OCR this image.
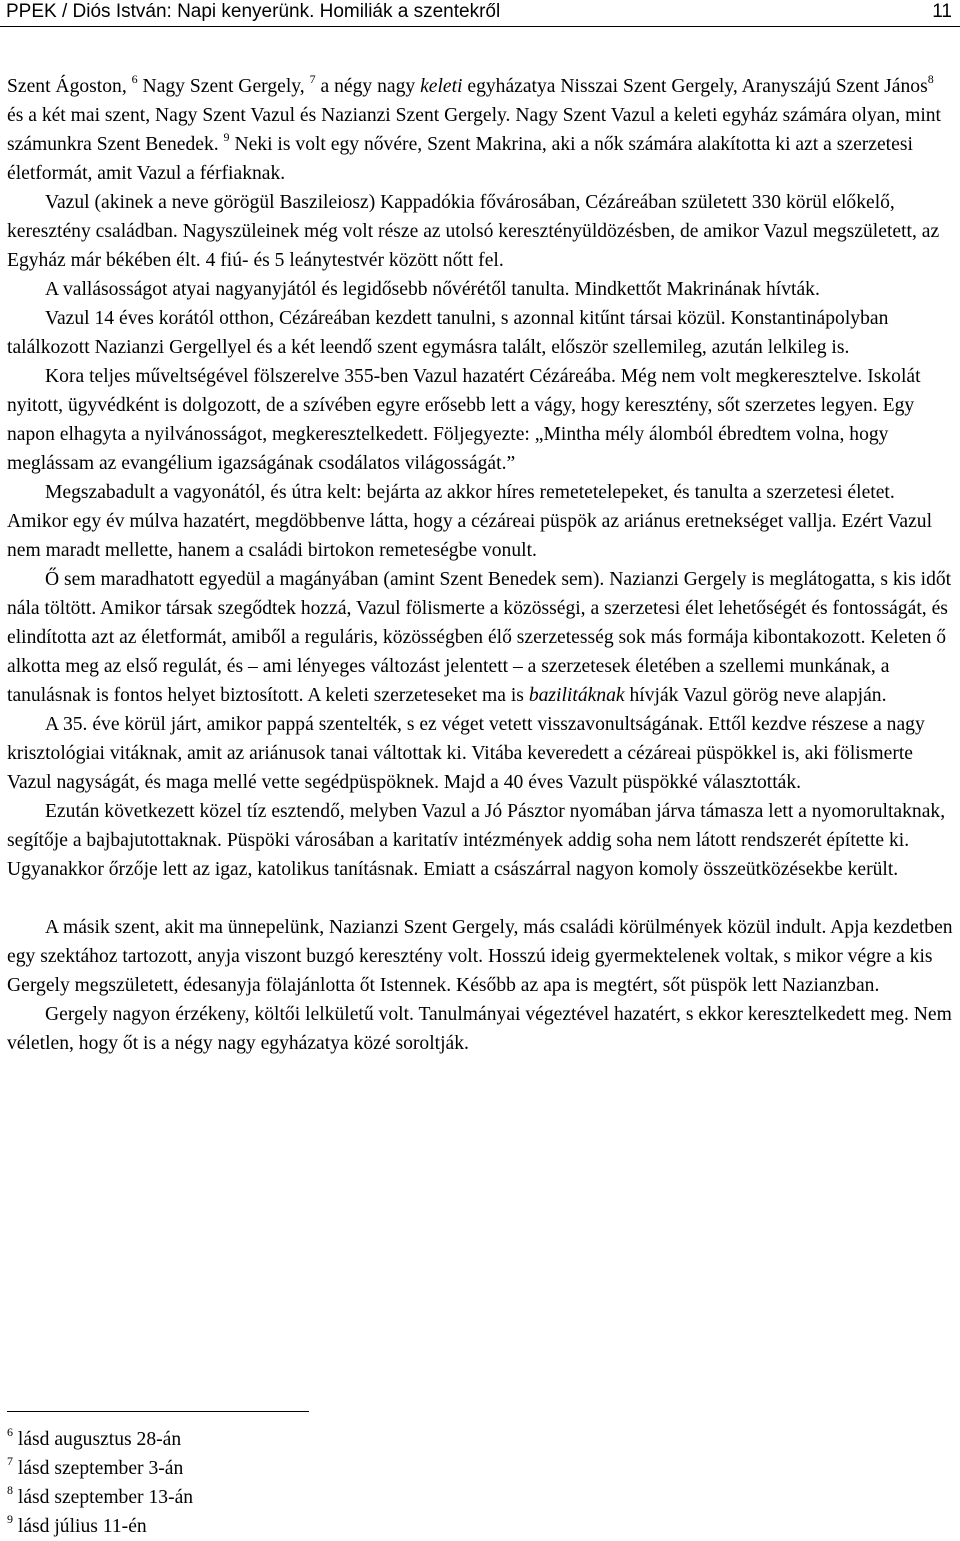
PPEK / Diós István: Napi kenyerünk. Homiliák a szentekről	11

Szent Ágoston, $^6$ Nagy Szent Gergely, $^7$ a négy nagy keleti egyházatya Nisszai Szent Gergely, Aranyszájú Szent János$^8$ és a két mai szent, Nagy Szent Vazul és Nazianzi Szent Gergely. Nagy Szent Vazul a keleti egyház számára olyan, mint számunkra Szent Benedek. $^9$ Neki is volt egy nővére, Szent Makrina, aki a nők számára alakította ki azt a szerzetesi életformát, amit Vazul a férfiaknak.

Vazul (akinek a neve görögül Baszileiosz) Kappadókia fővárosában, Cézáreában született 330 körül előkelő, keresztény családban. Nagyszüleinek még volt része az utolsó keresztényüldözésben, de amikor Vazul megszületett, az Egyház már békében élt. 4 fiú- és 5 leánytestvér között nőtt fel.

A vallásosságot atyai nagyanyjától és legidősebb nővérétől tanulta. Mindkettőt Makrinának hívták.

Vazul 14 éves korától otthon, Cézáreában kezdett tanulni, s azonnal kitűnt társai közül. Konstantinápolyban találkozott Nazianzi Gergellyel és a két leendő szent egymásra talált, először szellemileg, azután lelkileg is.

Kora teljes műveltségével fölszerelve 355-ben Vazul hazatért Cézáreába. Még nem volt megkeresztelve. Iskolát nyitott, ügyvédként is dolgozott, de a szívében egyre erősebb lett a vágy, hogy keresztény, sőt szerzetes legyen. Egy napon elhagyta a nyilvánosságot, megkeresztelkedett. Följegyezte: „Mintha mély álomból ébredtem volna, hogy meglássam az evangélium igazságának csodálatos világosságát.”

Megszabadult a vagyonától, és útra kelt: bejárta az akkor híres remetetelepeket, és tanulta a szerzetesi életet. Amikor egy év múlva hazatért, megdöbbenve látta, hogy a cézáreai püspök az ariánus eretnekséget vallja. Ezért Vazul nem maradt mellette, hanem a családi birtokon remeteségbe vonult.

Ő sem maradhatott egyedül a magányában (amint Szent Benedek sem). Nazianzi Gergely is meglátogatta, s kis időt nála töltött. Amikor társak szegődtek hozzá, Vazul fölismerte a közösségi, a szerzetesi élet lehetőségét és fontosságát, és elindította azt az életformát, amiből a reguláris, közösségben élő szerzetesség sok más formája kibontakozott. Keleten ő alkotta meg az első regulát, és – ami lényeges változást jelentett – a szerzetesek életében a szellemi munkának, a tanulásnak is fontos helyet biztosított. A keleti szerzeteseket ma is bazilitáknak hívják Vazul görög neve alapján.

A 35. éve körül járt, amikor pappá szentelték, s ez véget vetett visszavonultságának. Ettől kezdve részese a nagy krisztológiai vitáknak, amit az ariánusok tanai váltottak ki. Vitába keveredett a cézáreai püspökkel is, aki fölismerte Vazul nagyságát, és maga mellé vette segédpüspöknek. Majd a 40 éves Vazult püspökké választották.

Ezután következett közel tíz esztendő, melyben Vazul a Jó Pásztor nyomában járva támasza lett a nyomorultaknak, segítője a bajbajutottaknak. Püspöki városában a karitatív intézmények addig soha nem látott rendszerét építette ki. Ugyanakkor őrzője lett az igaz, katolikus tanításnak. Emiatt a császárral nagyon komoly összeütközésekbe került.

A másik szent, akit ma ünnepelünk, Nazianzi Szent Gergely, más családi körülmények közül indult. Apja kezdetben egy szektához tartozott, anyja viszont buzgó keresztény volt. Hosszú ideig gyermektelenek voltak, s mikor végre a kis Gergely megszületett, édesanyja fölajánlotta őt Istennek. Később az apa is megtért, sőt püspök lett Nazianzban.

Gergely nagyon érzékeny, költői lelkületű volt. Tanulmányai végeztével hazatért, s ekkor keresztelkedett meg. Nem véletlen, hogy őt is a négy nagy egyházatya közé soroltják.

$^6$ lásd augusztus 28-án
$^7$ lásd szeptember 3-án
$^8$ lásd szeptember 13-án
$^9$ lásd július 11-én
